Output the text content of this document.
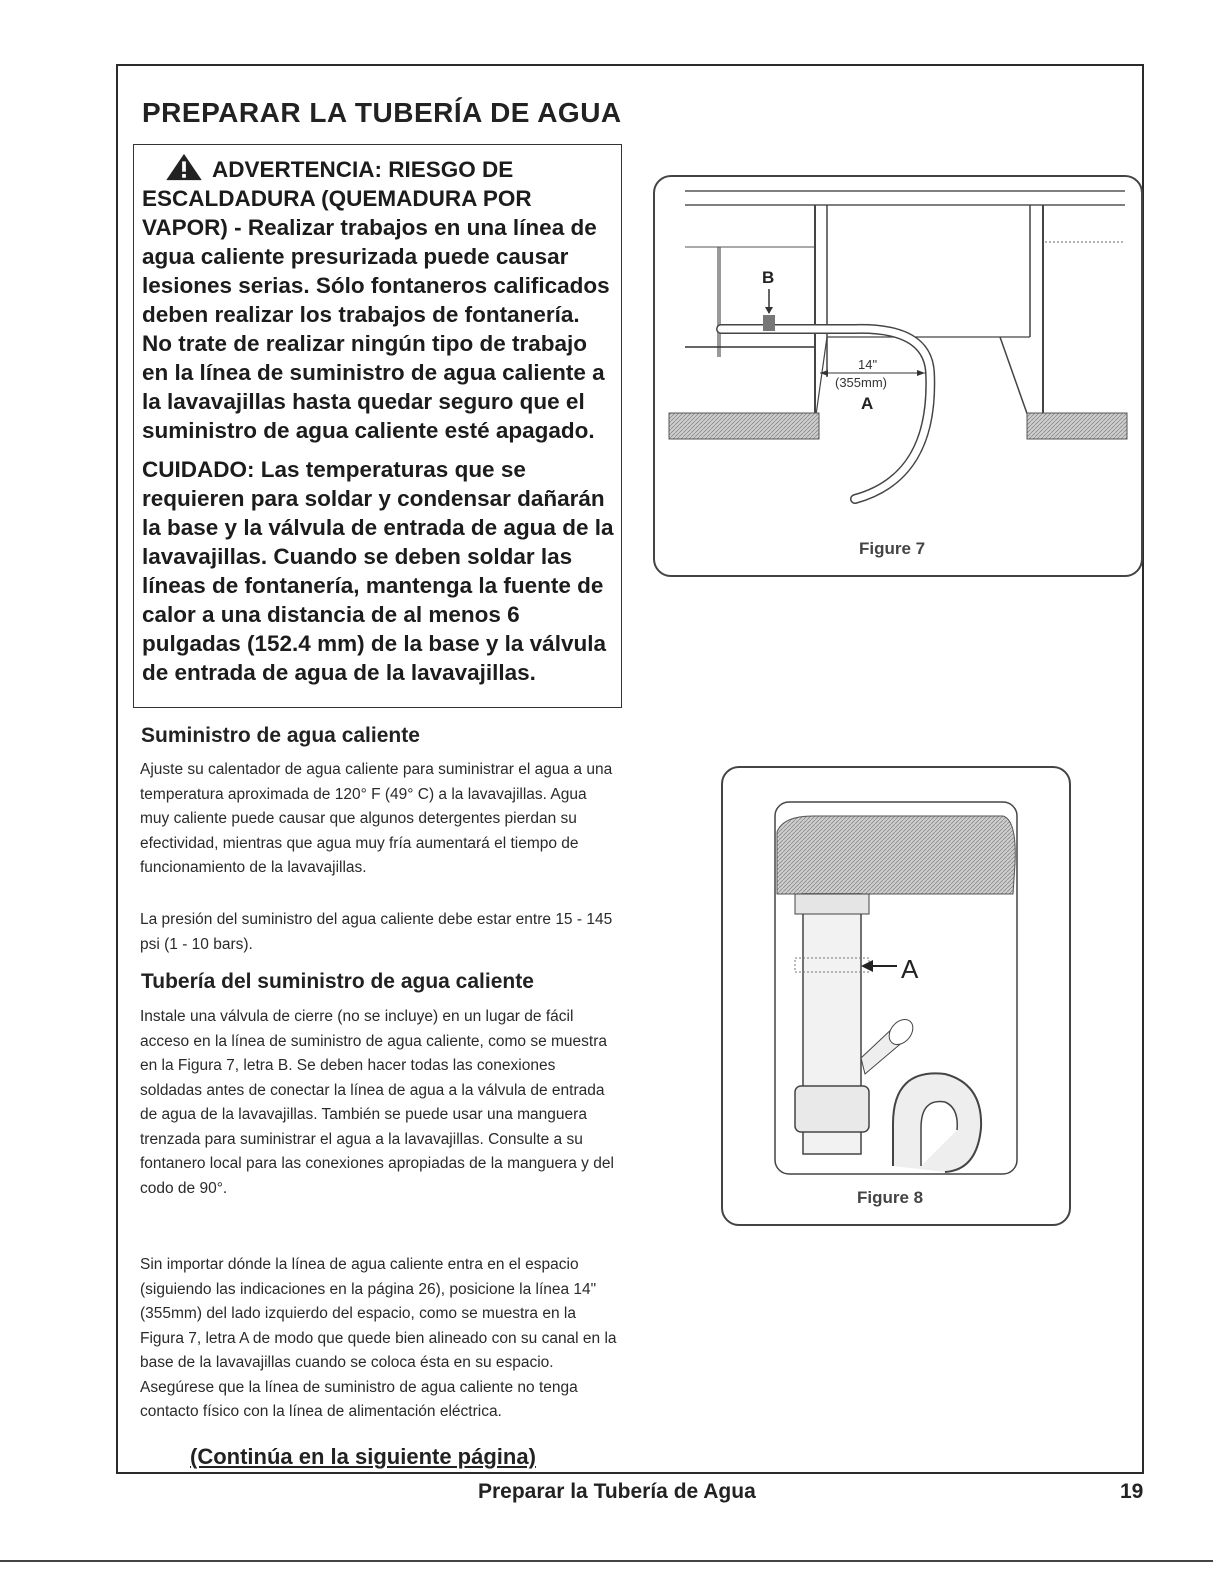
PREPARAR LA TUBERÍA DE AGUA

ADVERTENCIA: RIESGO DE ESCALDADURA (QUEMADURA POR VAPOR) - Realizar trabajos en una línea de agua caliente presurizada puede causar lesiones serias. Sólo fontaneros calificados deben realizar los trabajos de fontanería. No trate de realizar ningún tipo de trabajo en la línea de suministro de agua caliente a la lavavajillas hasta quedar seguro que el suministro de agua caliente esté apagado.

CUIDADO: Las temperaturas que se requieren para soldar y condensar dañarán la base y la válvula de entrada de agua de la lavavajillas. Cuando se deben soldar las líneas de fontanería, mantenga la fuente de calor a una distancia de al menos 6 pulgadas (152.4 mm) de la base y la válvula de entrada de agua de la lavavajillas.

Suministro de agua caliente

Ajuste su calentador de agua caliente para suministrar el agua a una temperatura aproximada de 120° F (49° C) a la lavavajillas. Agua muy caliente puede causar que algunos detergentes pierdan su efectividad, mientras que agua muy fría aumentará el tiempo de funcionamiento de la lavavajillas.

La presión del suministro del agua caliente debe estar entre 15 - 145 psi (1 - 10 bars).

Tubería del suministro de agua caliente

Instale una válvula de cierre (no se incluye) en un lugar de fácil acceso en la línea de suministro de agua caliente, como se muestra en la Figura 7, letra B. Se deben hacer todas las conexiones soldadas antes de conectar la línea de agua a la válvula de entrada de agua de la lavavajillas. También se puede usar una manguera trenzada para suministrar el agua a la lavavajillas. Consulte a su fontanero local para las conexiones apropiadas de la manguera y del codo de 90°.

Sin importar dónde la línea de agua caliente entra en el espacio (siguiendo las indicaciones en la página 26), posicione la línea 14" (355mm) del lado izquierdo del espacio, como se muestra en la Figura 7, letra A de modo que quede bien alineado con su canal en la base de la lavavajillas cuando se coloca ésta en su espacio. Asegúrese que la línea de suministro de agua caliente no tenga contacto físico con la línea de alimentación eléctrica.

(Continúa en la siguiente página)

Preparar la Tubería de Agua	19

B
14"
(355mm)
A

Figure 7

A

Figure 8
